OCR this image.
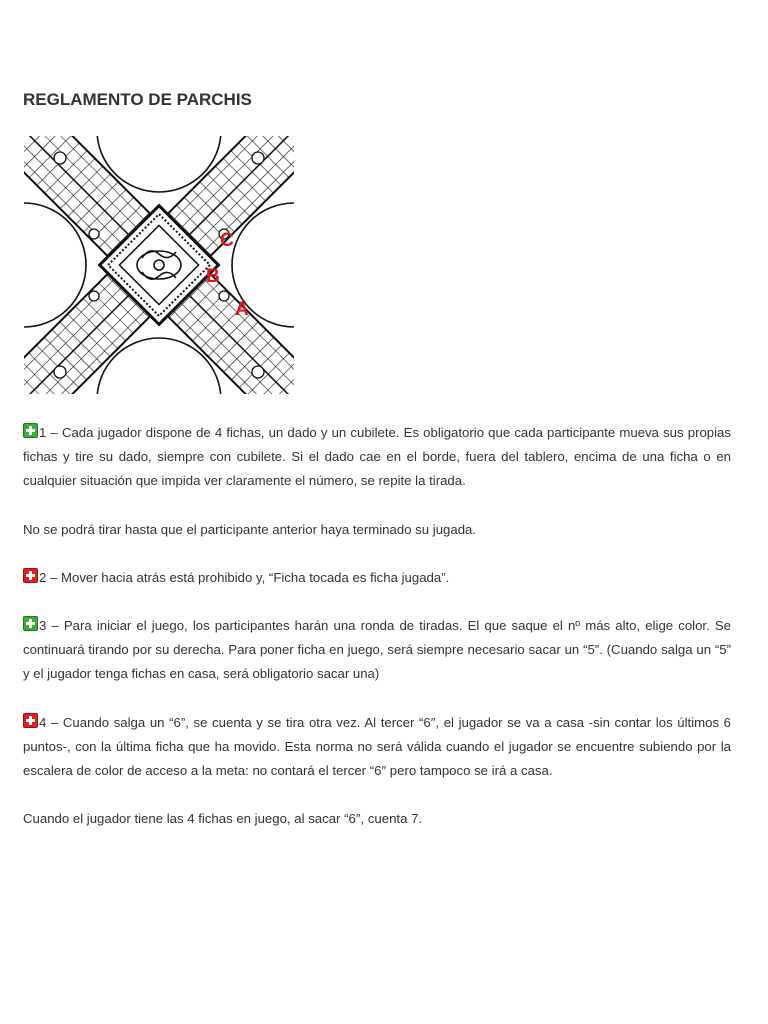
REGLAMENTO DE PARCHIS
C
B
A

1 – Cada jugador dispone de 4 fichas, un dado y un cubilete. Es obligatorio que cada participante mueva sus propias fichas y tire su dado, siempre con cubilete. Si el dado cae en el borde, fuera del tablero, encima de una ficha o en cualquier situación que impida ver claramente el número, se repite la tirada.

No se podrá tirar hasta que el participante anterior haya terminado su jugada.

2 – Mover hacia atrás está prohibido y, “Ficha tocada es ficha jugada”.

3 – Para iniciar el juego, los participantes harán una ronda de tiradas. El que saque el nº más alto, elige color. Se continuará tirando por su derecha. Para poner ficha en juego, será siempre necesario sacar un “5”. (Cuando salga un “5” y el jugador tenga fichas en casa, será obligatorio sacar una)

4 – Cuando salga un “6”, se cuenta y se tira otra vez. Al tercer “6″, el jugador se va a casa -sin contar los últimos 6 puntos-, con la última ficha que ha movido. Esta norma no será válida cuando el jugador se encuentre subiendo por la escalera de color de acceso a la meta: no contará el tercer “6″ pero tampoco se irá a casa.

Cuando el jugador tiene las 4 fichas en juego, al sacar “6″, cuenta 7.
